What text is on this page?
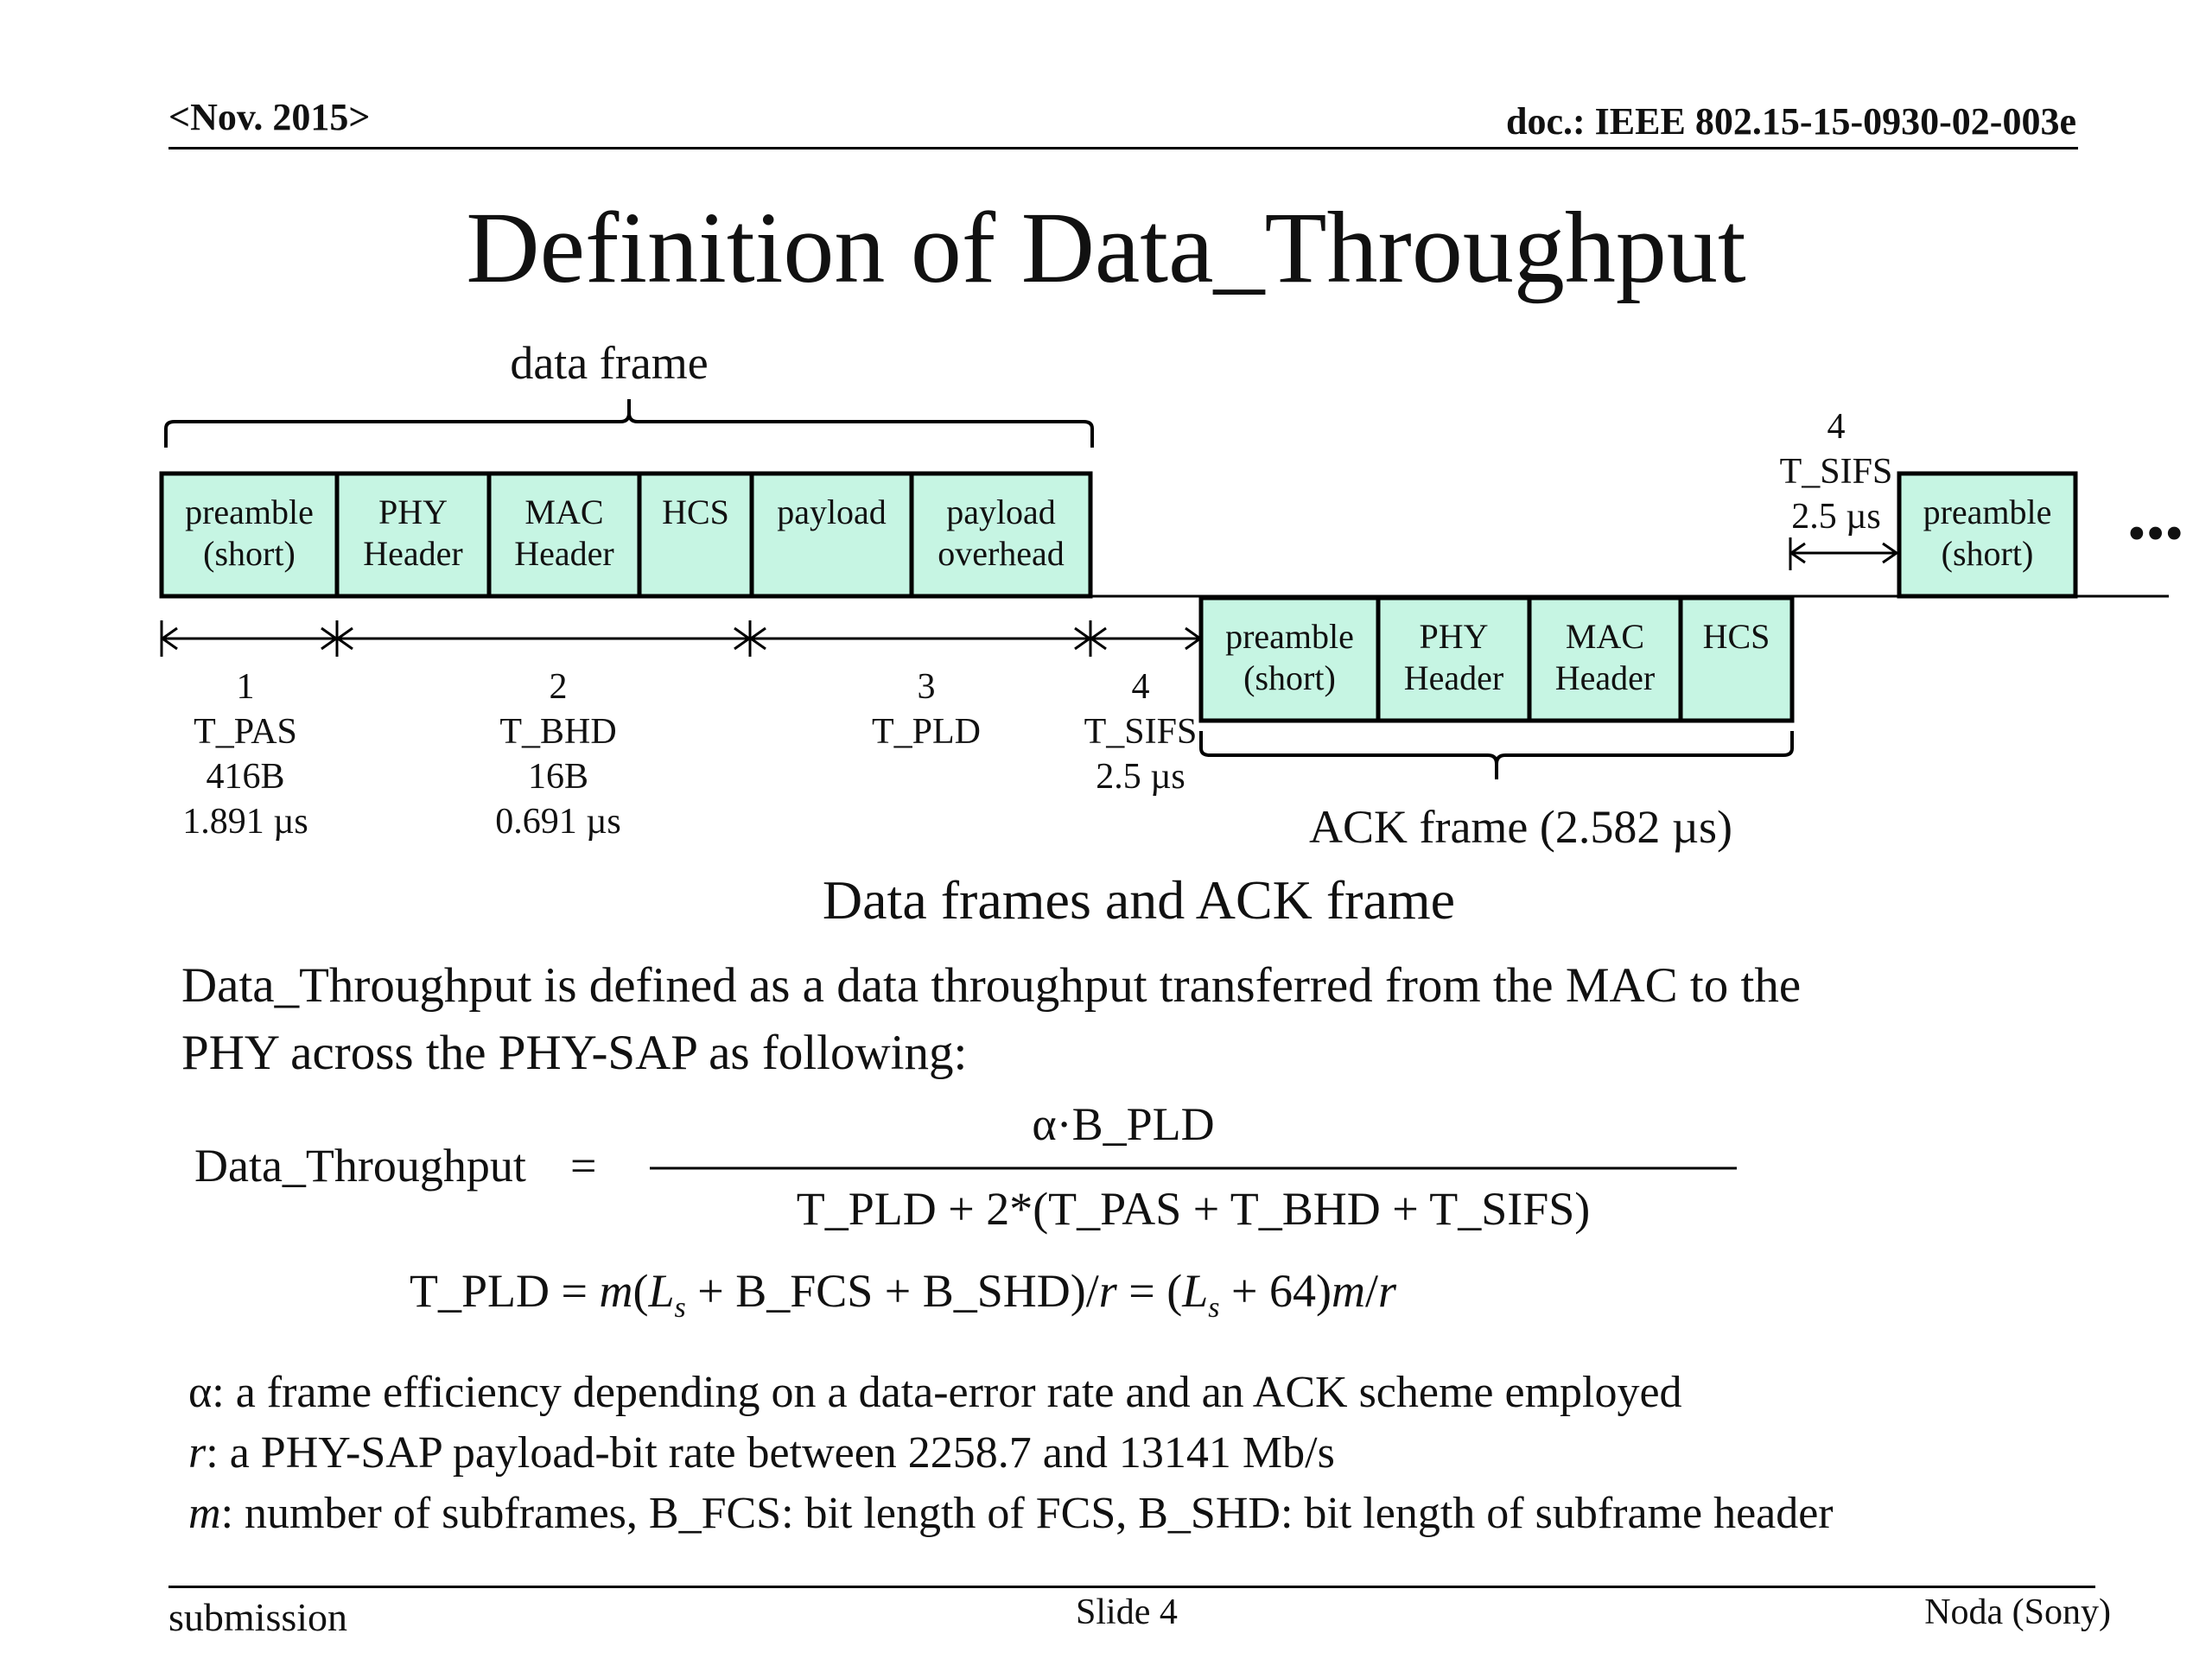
<Nov. 2015>	doc.: IEEE 802.15-15-0930-02-003e
Definition of Data_Throughput
data frame
preamble
(short)
PHY
Header
MAC
Header
HCS payload payload
overhead
preamble
(short)
PHY
Header
MAC
Header
HCS
preamble
(short) •••
1
T_PAS
416B
1.891 µs
2
T_BHD
16B
0.691 µs
3
T_PLD
4
T_SIFS
2.5 µs
4
T_SIFS
2.5 µs
ACK frame (2.582 µs)
Data frames and ACK frame
Data_Throughput is defined as a data throughput transferred from the MAC to the
PHY across the PHY-SAP as following:
Data_Throughput =
α·B_PLD
T_PLD + 2*(T_PAS + T_BHD + T_SIFS)
T_PLD = $m(L_s$ + B_FCS + B_SHD)/r = $(L_s + 64)m/r$
α: a frame efficiency depending on a data-error rate and an ACK scheme employed
r: a PHY-SAP payload-bit rate between 2258.7 and 13141 Mb/s
m: number of subframes, B_FCS: bit length of FCS, B_SHD: bit length of subframe header
submission	Slide 4	Noda (Sony)
